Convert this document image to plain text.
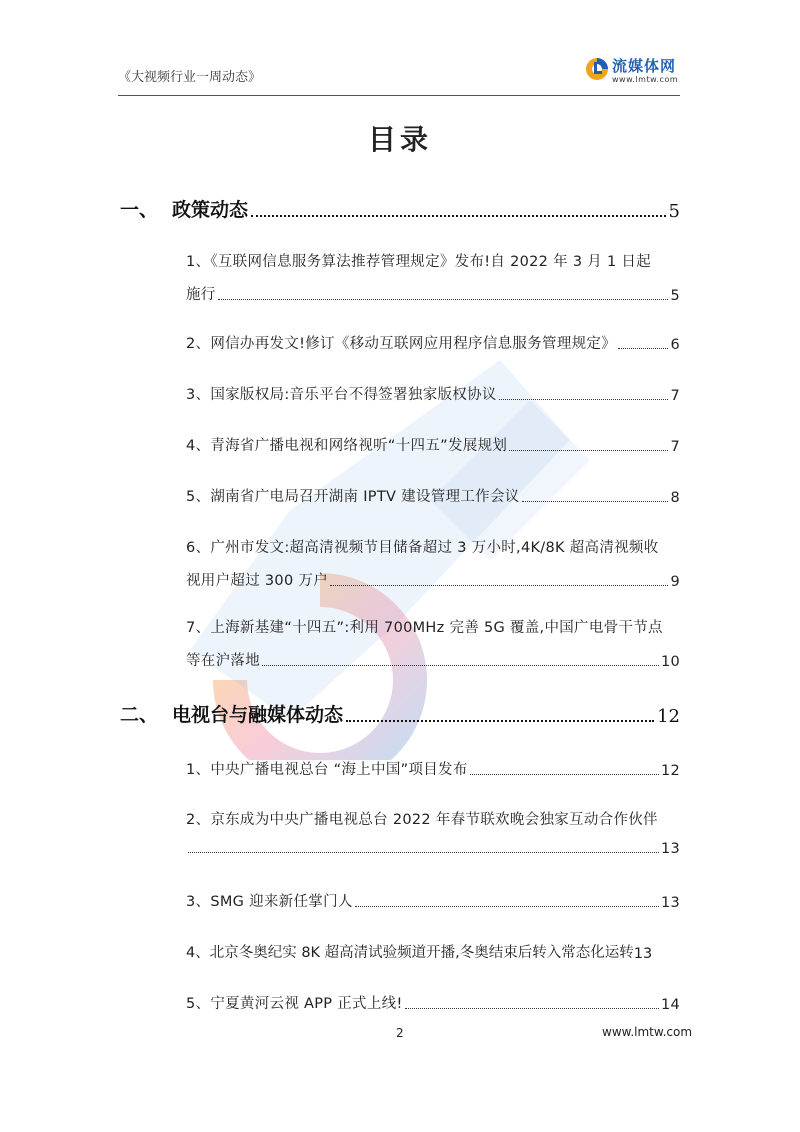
《大视频行业一周动态》
流媒体网
www.lmtw.com
目录
一、 政策动态	5
1、《互联网信息服务算法推荐管理规定》发布!自 2022 年 3 月 1 日起
施行	5
2、网信办再发文!修订《移动互联网应用程序信息服务管理规定》	6
3、国家版权局:音乐平台不得签署独家版权协议	7
4、青海省广播电视和网络视听“十四五”发展规划	7
5、湖南省广电局召开湖南 IPTV 建设管理工作会议	8
6、广州市发文:超高清视频节目储备超过 3 万小时,4K/8K 超高清视频收
视用户超过 300 万户	9
7、上海新基建“十四五”:利用 700MHz 完善 5G 覆盖,中国广电骨干节点
等在沪落地	10
二、 电视台与融媒体动态	12
1、中央广播电视总台 “海上中国”项目发布	12
2、京东成为中央广播电视总台 2022 年春节联欢晚会独家互动合作伙伴
13
3、SMG 迎来新任掌门人	13
4、北京冬奥纪实 8K 超高清试验频道开播,冬奥结束后转入常态化运转 13
5、宁夏黄河云视 APP 正式上线!	14
2	www.lmtw.com
